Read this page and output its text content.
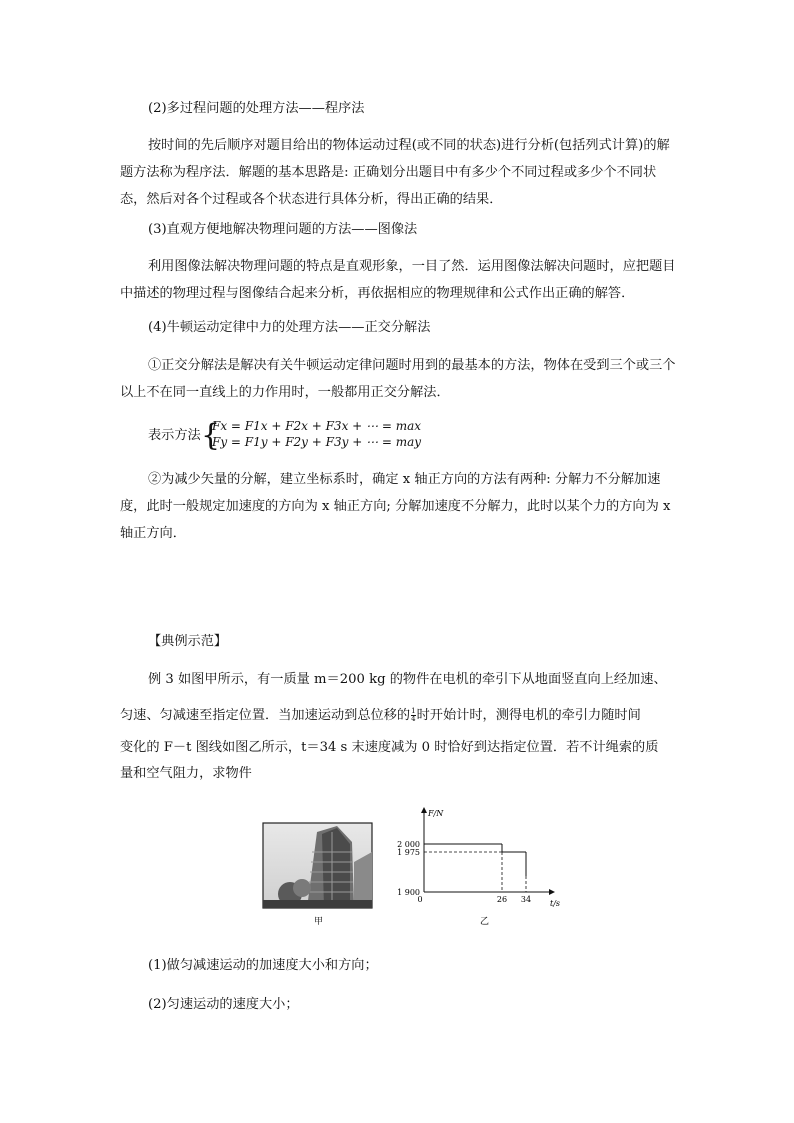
(2)多过程问题的处理方法——程序法

按时间的先后顺序对题目给出的物体运动过程(或不同的状态)进行分析(包括列式计算)的解题方法称为程序法．解题的基本思路是: 正确划分出题目中有多少个不同过程或多少个不同状态，然后对各个过程或各个状态进行具体分析，得出正确的结果．

(3)直观方便地解决物理问题的方法——图像法

利用图像法解决物理问题的特点是直观形象，一目了然．运用图像法解决问题时，应把题目中描述的物理过程与图像结合起来分析，再依据相应的物理规律和公式作出正确的解答．

(4)牛顿运动定律中力的处理方法——正交分解法

①正交分解法是解决有关牛顿运动定律问题时用到的最基本的方法，物体在受到三个或三个以上不在同一直线上的力作用时，一般都用正交分解法．

表示方法 {
Fx = F1x + F2x + F3x + ⋯ = max
Fy = F1y + F2y + F3y + ⋯ = may

②为减少矢量的分解，建立坐标系时，确定 x 轴正方向的方法有两种: 分解力不分解加速度，此时一般规定加速度的方向为 x 轴正方向; 分解加速度不分解力，此时以某个力的方向为 x 轴正方向．

【典例示范】

例 3 如图甲所示，有一质量 m＝200 kg 的物件在电机的牵引下从地面竖直向上经加速、

匀速、匀减速至指定位置．当加速运动到总位移的 $\frac{1}{4}$ 时开始计时，测得电机的牵引力随时间

变化的 F－t 图线如图乙所示，t＝34 s 末速度减为 0 时恰好到达指定位置．若不计绳索的质

量和空气阻力，求物件

甲
F/N
t/s
2 000
1 975
1 900
0	26 34
乙

(1)做匀减速运动的加速度大小和方向；

(2)匀速运动的速度大小；
